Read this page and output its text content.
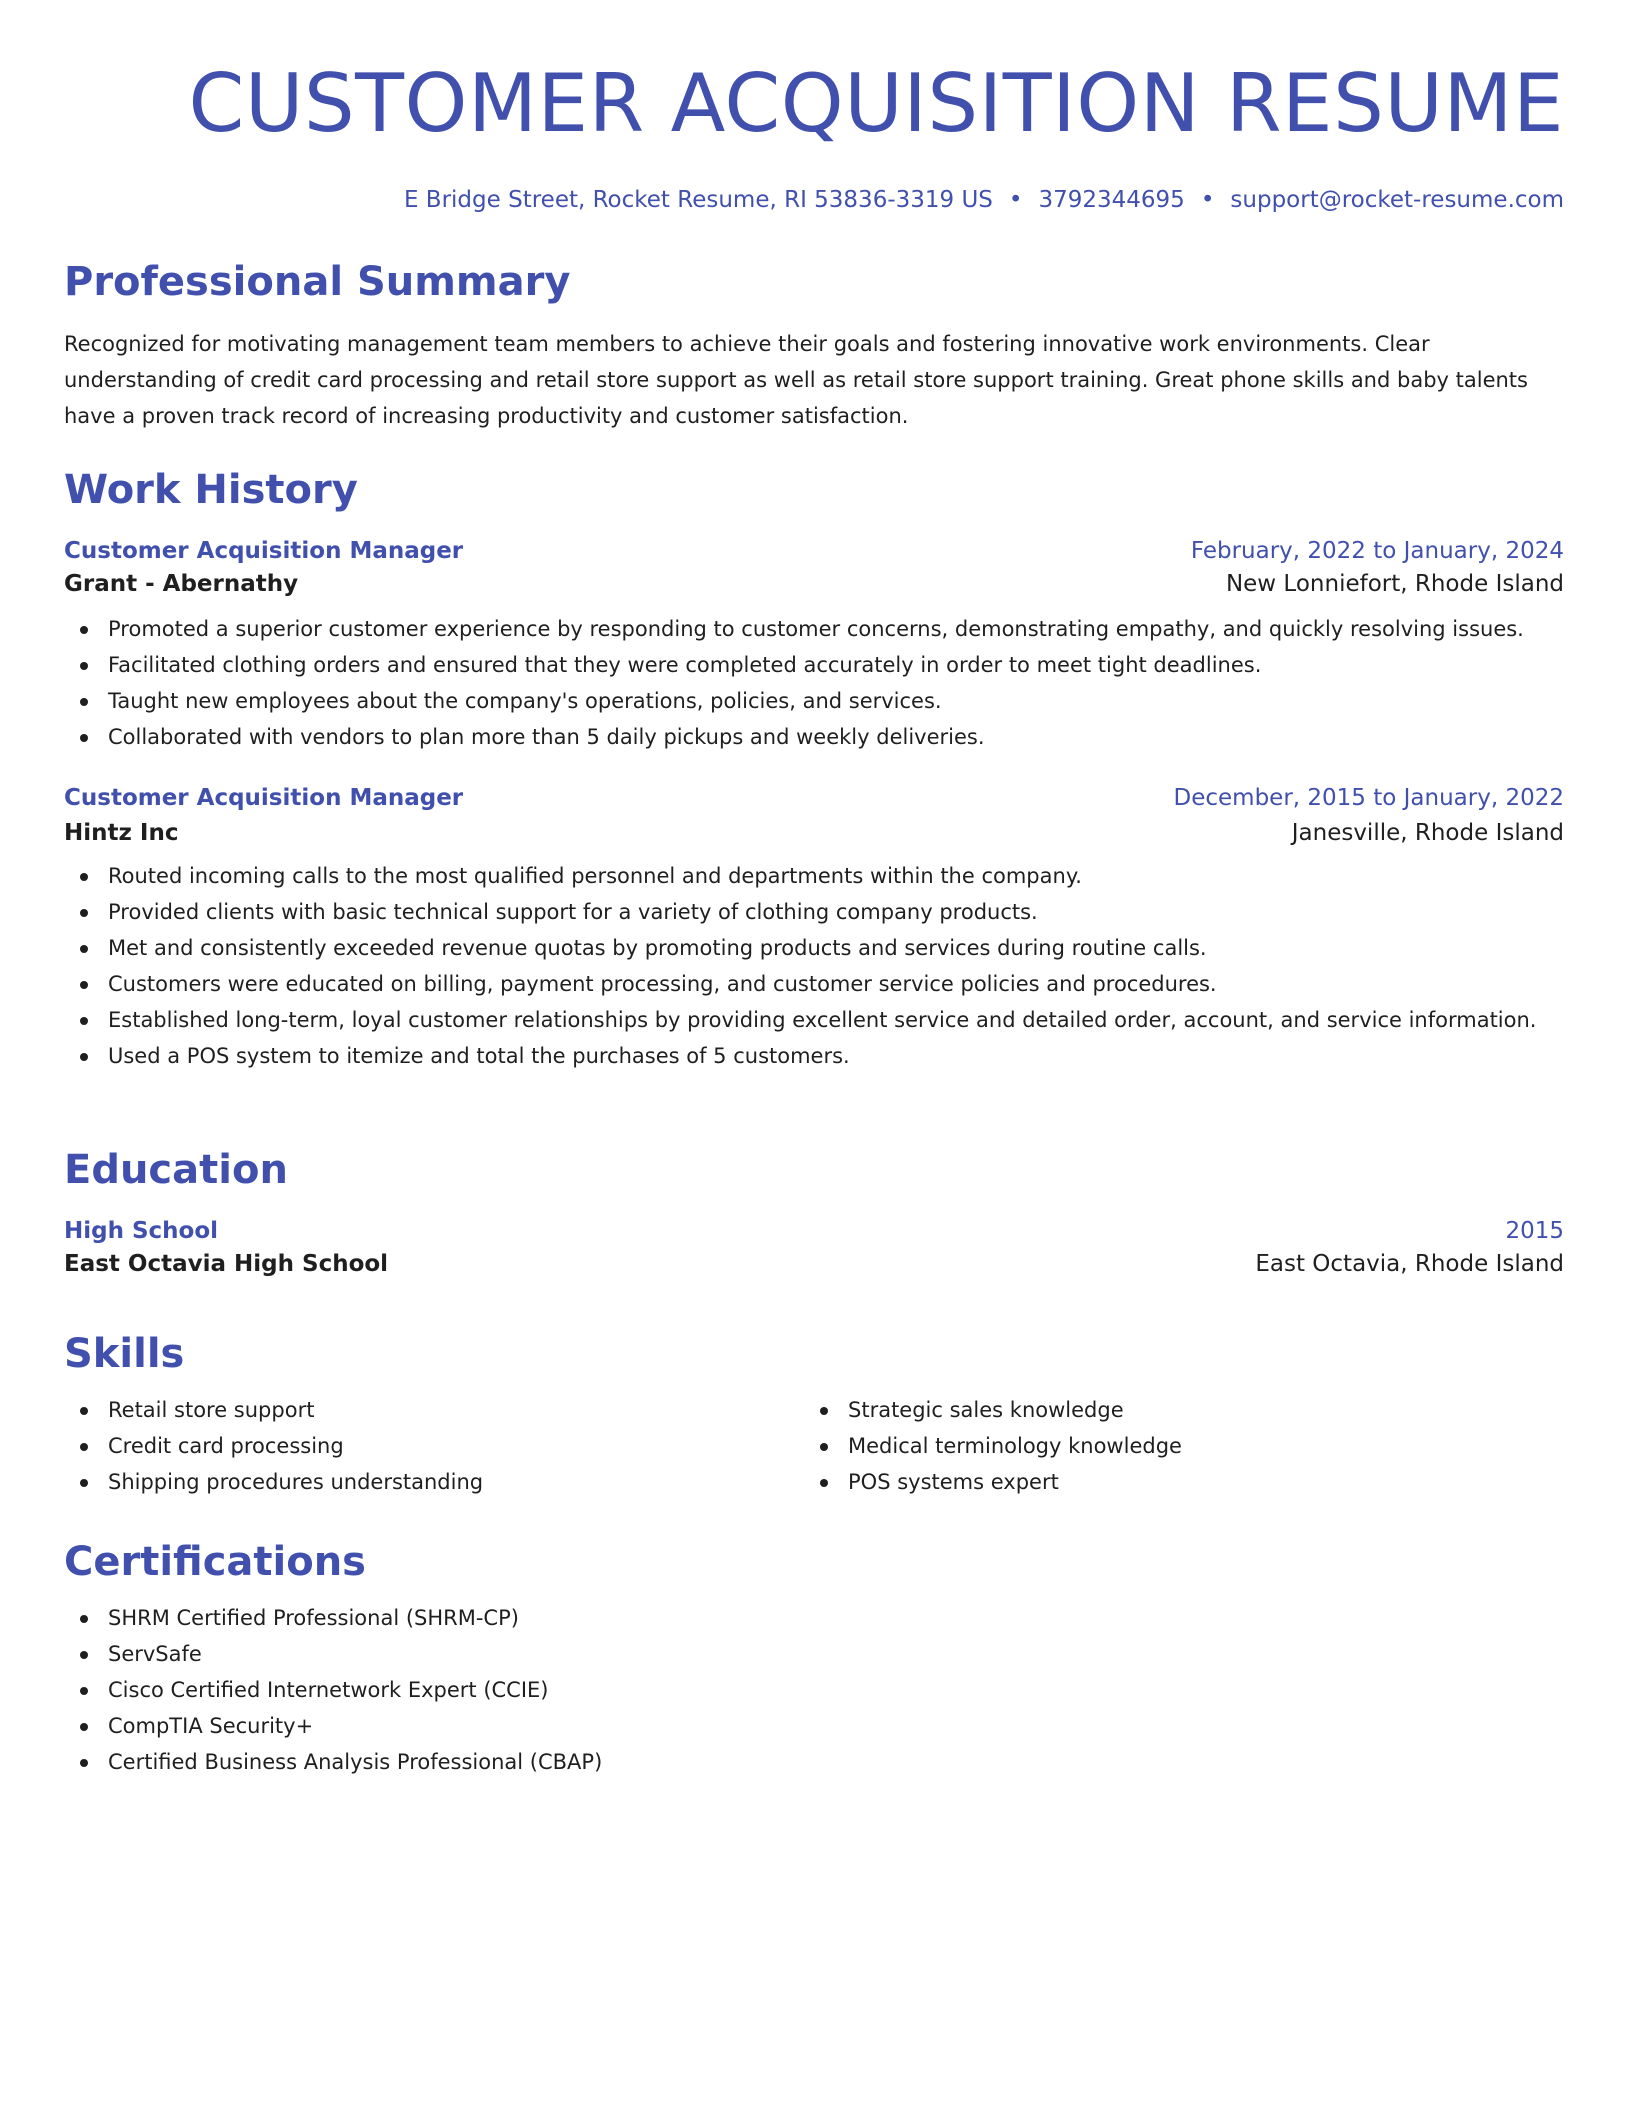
CUSTOMER ACQUISITION RESUME
E Bridge Street, Rocket Resume, RI 53836-3319 US • 3792344695 • support@rocket-resume.com
Professional Summary

Recognized for motivating management team members to achieve their goals and fostering innovative work environments. Clear understanding of credit card processing and retail store support as well as retail store support training. Great phone skills and baby talents have a proven track record of increasing productivity and customer satisfaction.

Work History
Customer Acquisition Manager	February, 2022 to January, 2024
Grant - Abernathy	New Lonniefort, Rhode Island
Promoted a superior customer experience by responding to customer concerns, demonstrating empathy, and quickly resolving issues.
Facilitated clothing orders and ensured that they were completed accurately in order to meet tight deadlines.
Taught new employees about the company's operations, policies, and services.
Collaborated with vendors to plan more than 5 daily pickups and weekly deliveries.
Customer Acquisition Manager	December, 2015 to January, 2022
Hintz Inc	Janesville, Rhode Island
Routed incoming calls to the most qualified personnel and departments within the company.
Provided clients with basic technical support for a variety of clothing company products.
Met and consistently exceeded revenue quotas by promoting products and services during routine calls.
Customers were educated on billing, payment processing, and customer service policies and procedures.
Established long-term, loyal customer relationships by providing excellent service and detailed order, account, and service information.
Used a POS system to itemize and total the purchases of 5 customers.
Education
High School	2015
East Octavia High School	East Octavia, Rhode Island
Skills
Retail store support
Credit card processing
Shipping procedures understanding
Strategic sales knowledge
Medical terminology knowledge
POS systems expert
Certifications
SHRM Certified Professional (SHRM-CP)
ServSafe
Cisco Certified Internetwork Expert (CCIE)
CompTIA Security+
Certified Business Analysis Professional (CBAP)
